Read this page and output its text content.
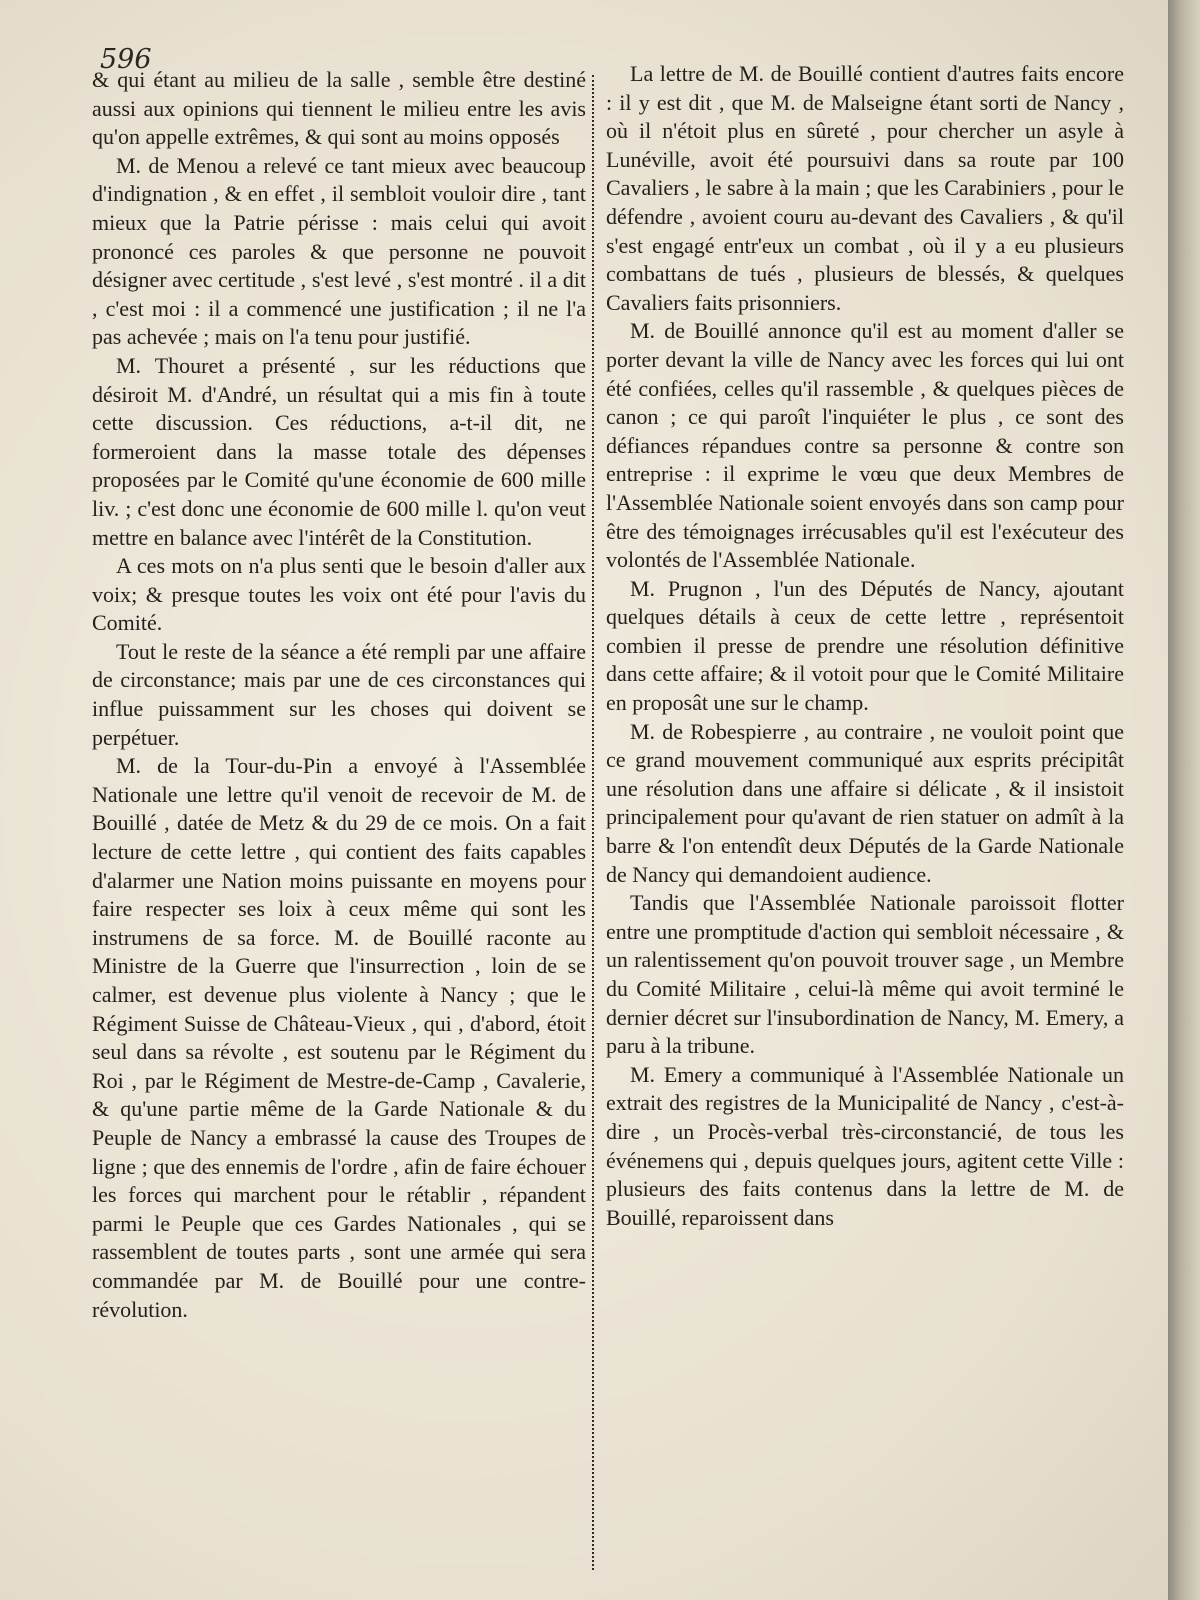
596

& qui étant au milieu de la salle , semble être destiné aussi aux opinions qui tiennent le milieu entre les avis qu'on appelle extrêmes, & qui sont au moins opposés

M. de Menou a relevé ce tant mieux avec beaucoup d'indignation , & en effet , il sembloit vouloir dire , tant mieux que la Patrie périsse : mais celui qui avoit prononcé ces paroles & que personne ne pouvoit désigner avec certitude , s'est levé , s'est montré . il a dit , c'est moi : il a commencé une justification ; il ne l'a pas achevée ; mais on l'a tenu pour justifié.

M. Thouret a présenté , sur les réductions que désiroit M. d'André, un résultat qui a mis fin à toute cette discussion. Ces réductions, a-t-il dit, ne formeroient dans la masse totale des dépenses proposées par le Comité qu'une économie de 600 mille liv. ; c'est donc une économie de 600 mille l. qu'on veut mettre en balance avec l'intérêt de la Constitution.

A ces mots on n'a plus senti que le besoin d'aller aux voix; & presque toutes les voix ont été pour l'avis du Comité.

Tout le reste de la séance a été rempli par une affaire de circonstance; mais par une de ces circonstances qui influe puissamment sur les choses qui doivent se perpétuer.

M. de la Tour-du-Pin a envoyé à l'Assemblée Nationale une lettre qu'il venoit de recevoir de M. de Bouillé , datée de Metz & du 29 de ce mois. On a fait lecture de cette lettre , qui contient des faits capables d'alarmer une Nation moins puissante en moyens pour faire respecter ses loix à ceux même qui sont les instrumens de sa force. M. de Bouillé raconte au Ministre de la Guerre que l'insurrection , loin de se calmer, est devenue plus violente à Nancy ; que le Régiment Suisse de Château-Vieux , qui , d'abord, étoit seul dans sa révolte , est soutenu par le Régiment du Roi , par le Régiment de Mestre-de-Camp , Cavalerie, & qu'une partie même de la Garde Nationale & du Peuple de Nancy a embrassé la cause des Troupes de ligne ; que des ennemis de l'ordre , afin de faire échouer les forces qui marchent pour le rétablir , répandent parmi le Peuple que ces Gardes Nationales , qui se rassemblent de toutes parts , sont une armée qui sera commandée par M. de Bouillé pour une contre-révolution.

La lettre de M. de Bouillé contient d'autres faits encore : il y est dit , que M. de Malseigne étant sorti de Nancy , où il n'étoit plus en sûreté , pour chercher un asyle à Lunéville, avoit été poursuivi dans sa route par 100 Cavaliers , le sabre à la main ; que les Carabiniers , pour le défendre , avoient couru au-devant des Cavaliers , & qu'il s'est engagé entr'eux un combat , où il y a eu plusieurs combattans de tués , plusieurs de blessés, & quelques Cavaliers faits prisonniers.

M. de Bouillé annonce qu'il est au moment d'aller se porter devant la ville de Nancy avec les forces qui lui ont été confiées, celles qu'il rassemble , & quelques pièces de canon ; ce qui paroît l'inquiéter le plus , ce sont des défiances répandues contre sa personne & contre son entreprise : il exprime le vœu que deux Membres de l'Assemblée Nationale soient envoyés dans son camp pour être des témoignages irrécusables qu'il est l'exécuteur des volontés de l'Assemblée Nationale.

M. Prugnon , l'un des Députés de Nancy, ajoutant quelques détails à ceux de cette lettre , représentoit combien il presse de prendre une résolution définitive dans cette affaire; & il votoit pour que le Comité Militaire en proposât une sur le champ.

M. de Robespierre , au contraire , ne vouloit point que ce grand mouvement communiqué aux esprits précipitât une résolution dans une affaire si délicate , & il insistoit principalement pour qu'avant de rien statuer on admît à la barre & l'on entendît deux Députés de la Garde Nationale de Nancy qui demandoient audience.

Tandis que l'Assemblée Nationale paroissoit flotter entre une promptitude d'action qui sembloit nécessaire , & un ralentissement qu'on pouvoit trouver sage , un Membre du Comité Militaire , celui-là même qui avoit terminé le dernier décret sur l'insubordination de Nancy, M. Emery, a paru à la tribune.

M. Emery a communiqué à l'Assemblée Nationale un extrait des registres de la Municipalité de Nancy , c'est-à-dire , un Procès-verbal très-circonstancié, de tous les événemens qui , depuis quelques jours, agitent cette Ville : plusieurs des faits contenus dans la lettre de M. de Bouillé, reparoissent dans
